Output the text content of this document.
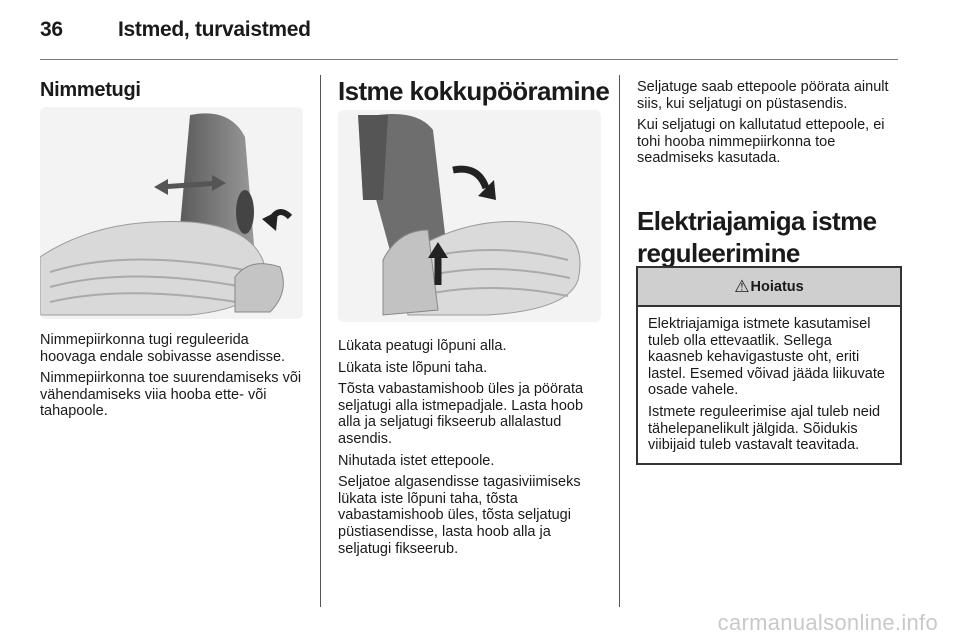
36	Istmed, turvaistmed
Nimmetugi

Nimmepiirkonna tugi reguleerida hoovaga endale sobivasse asendisse.

Nimmepiirkonna toe suurendamiseks või vähendamiseks viia hooba ette- või tahapoole.

Istme kokkupööramine

Lükata peatugi lõpuni alla.

Lükata iste lõpuni taha.

Tõsta vabastamishoob üles ja pöörata seljatugi alla istmepadjale. Lasta hoob alla ja seljatugi fikseerub allalastud asendis.

Nihutada istet ettepoole.

Seljatoe algasendisse tagasiviimiseks lükata iste lõpuni taha, tõsta vabastamishoob üles, tõsta seljatugi püstiasendisse, lasta hoob alla ja seljatugi fikseerub.

Seljatuge saab ettepoole pöörata ainult siis, kui seljatugi on püstasendis.

Kui seljatugi on kallutatud ettepoole, ei tohi hooba nimmepiirkonna toe seadmiseks kasutada.

Elektriajamiga istme reguleerimine
⚠ Hoiatus

Elektriajamiga istmete kasutamisel tuleb olla ettevaatlik. Sellega kaasneb kehavigastuste oht, eriti lastel. Esemed võivad jääda liikuvate osade vahele.

Istmete reguleerimise ajal tuleb neid tähelepanelikult jälgida. Sõidukis viibijaid tuleb vastavalt teavitada.

carmanualsonline.info
